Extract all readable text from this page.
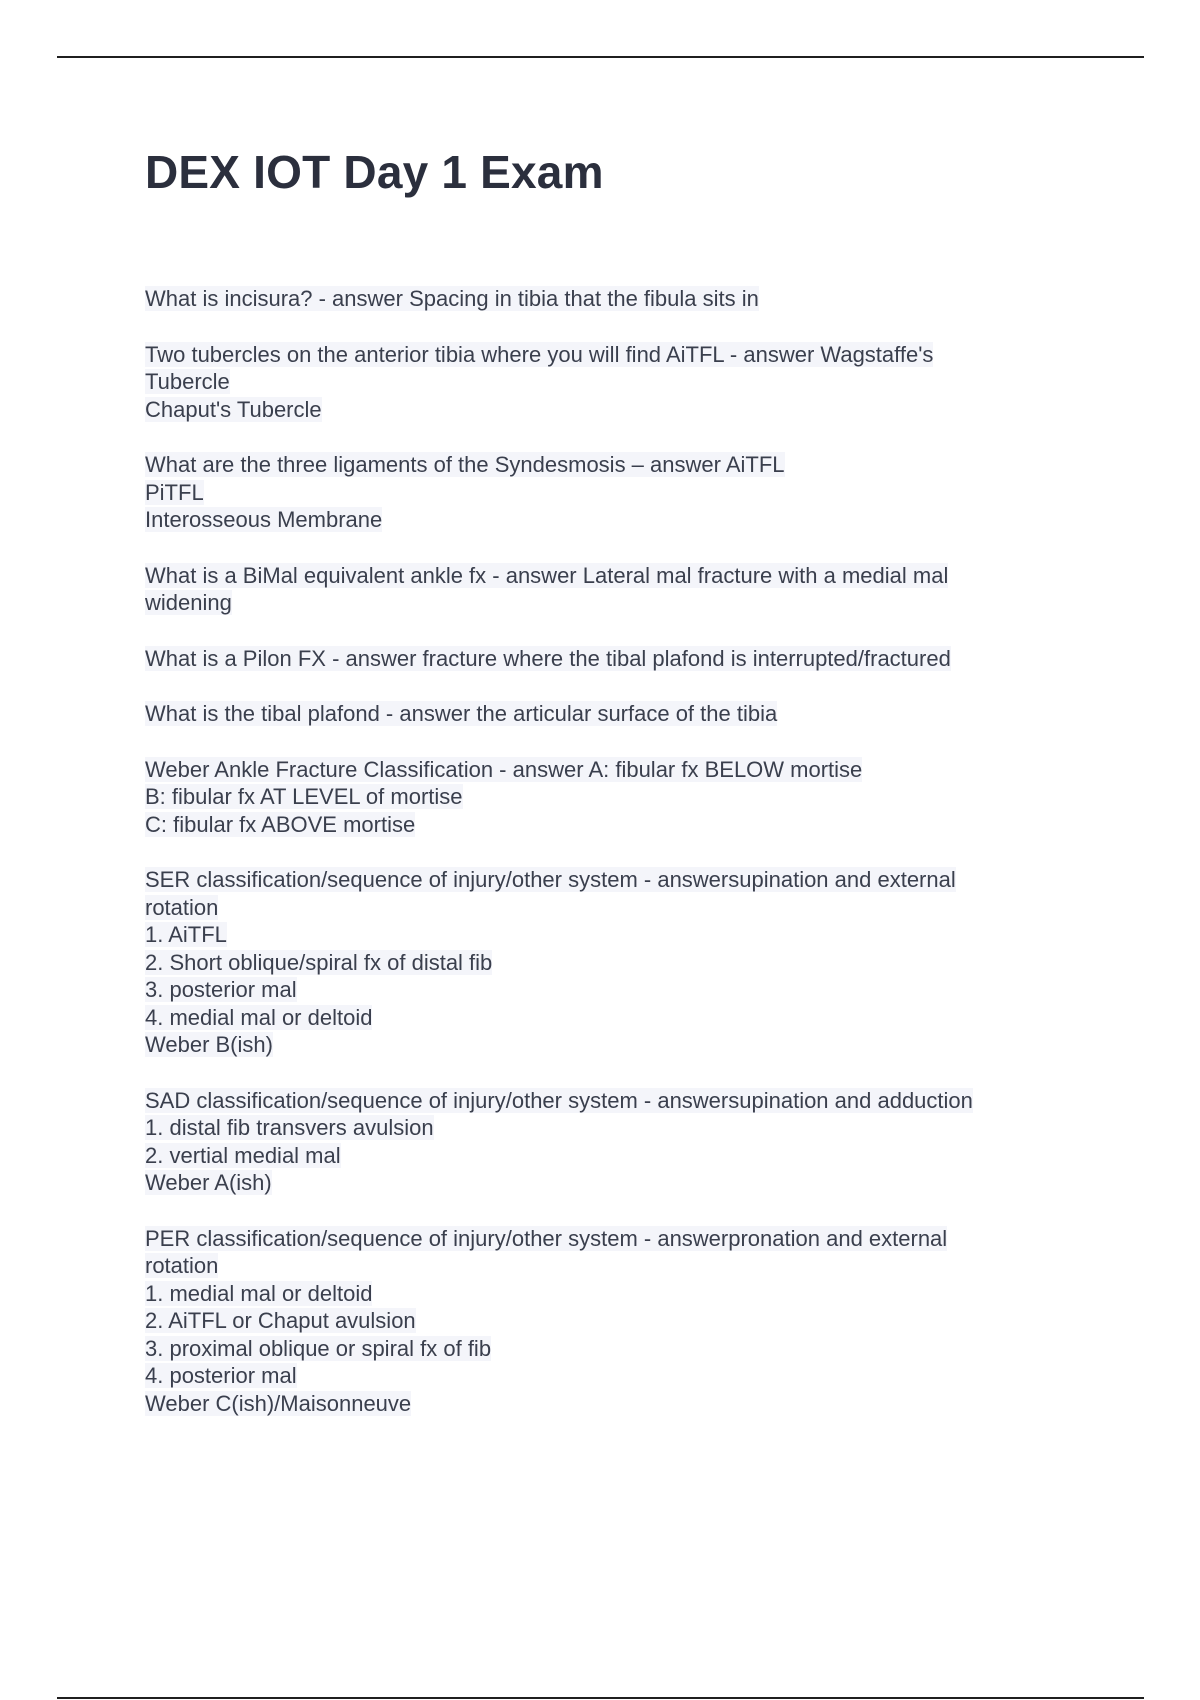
DEX IOT Day 1 Exam
What is incisura? - answer Spacing in tibia that the fibula sits in
Two tubercles on the anterior tibia where you will find AiTFL - answer Wagstaffe's
Tubercle
Chaput's Tubercle
What are the three ligaments of the Syndesmosis – answer AiTFL
PiTFL
Interosseous Membrane
What is a BiMal equivalent ankle fx - answer Lateral mal fracture with a medial mal
widening
What is a Pilon FX - answer fracture where the tibal plafond is interrupted/fractured
What is the tibal plafond - answer the articular surface of the tibia
Weber Ankle Fracture Classification - answer A: fibular fx BELOW mortise
B: fibular fx AT LEVEL of mortise
C: fibular fx ABOVE mortise
SER classification/sequence of injury/other system - answersupination and external
rotation
1. AiTFL
2. Short oblique/spiral fx of distal fib
3. posterior mal
4. medial mal or deltoid
Weber B(ish)
SAD classification/sequence of injury/other system - answersupination and adduction
1. distal fib transvers avulsion
2. vertial medial mal
Weber A(ish)
PER classification/sequence of injury/other system - answerpronation and external
rotation
1. medial mal or deltoid
2. AiTFL or Chaput avulsion
3. proximal oblique or spiral fx of fib
4. posterior mal
Weber C(ish)/Maisonneuve
